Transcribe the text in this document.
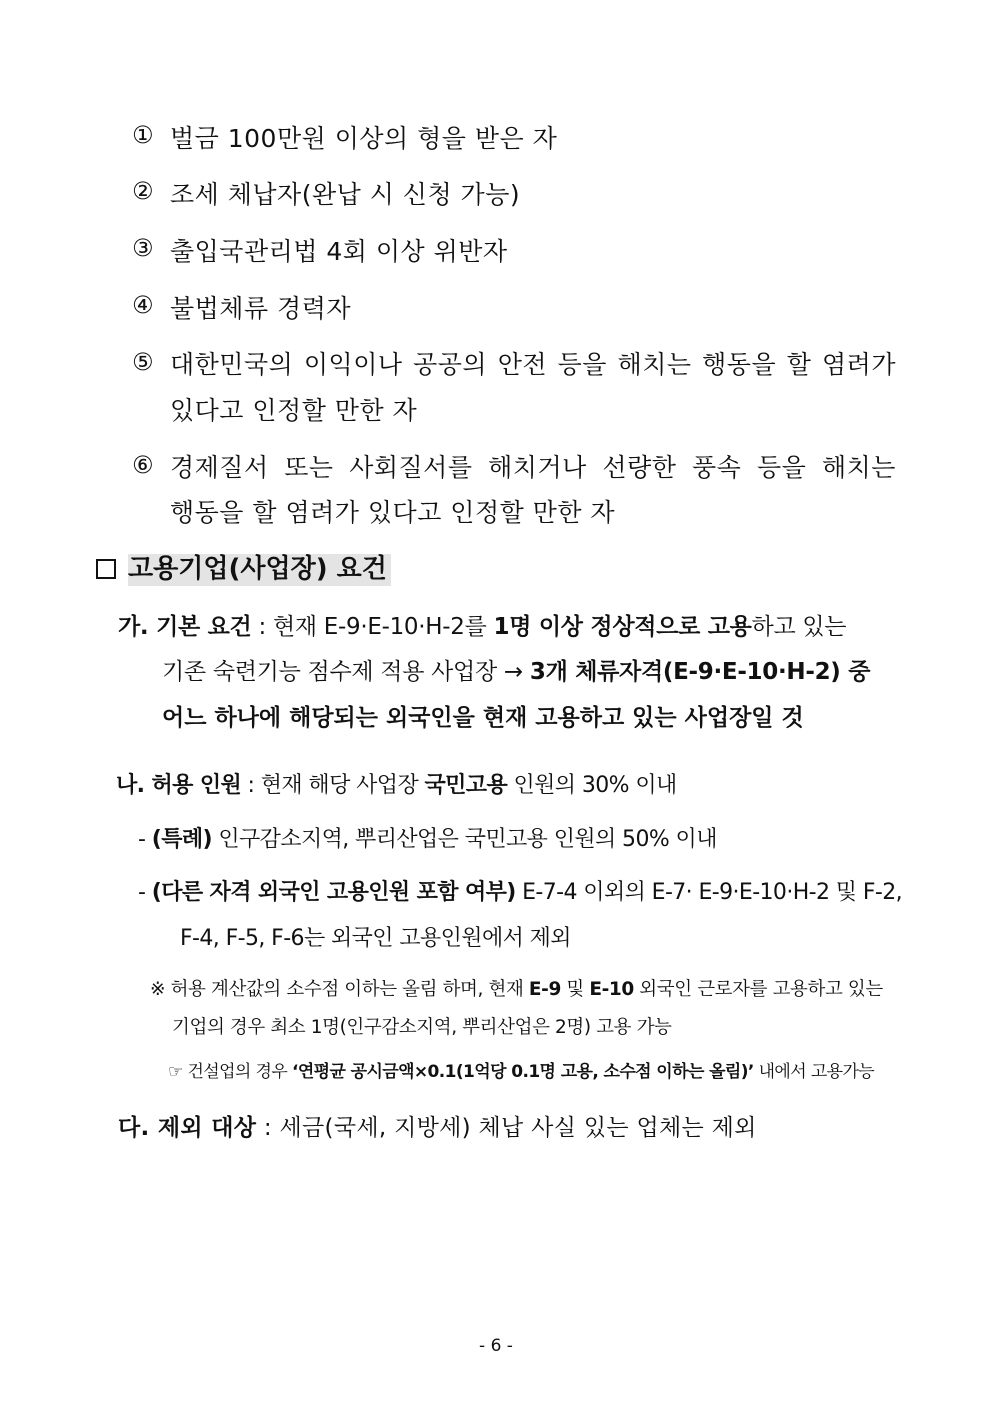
① 벌금 100만원 이상의 형을 받은 자
② 조세 체납자(완납 시 신청 가능)
③ 출입국관리법 4회 이상 위반자
④ 불법체류 경력자
⑤ 대한민국의 이익이나 공공의 안전 등을 해치는 행동을 할 염려가
있다고 인정할 만한 자
⑥ 경제질서 또는 사회질서를 해치거나 선량한 풍속 등을 해치는
행동을 할 염려가 있다고 인정할 만한 자
고용기업(사업장) 요건
가. 기본 요건 : 현재 E-9·E-10·H-2를 1명 이상 정상적으로 고용하고 있는
기존 숙련기능 점수제 적용 사업장 → 3개 체류자격(E-9·E-10·H-2) 중
어느 하나에 해당되는 외국인을 현재 고용하고 있는 사업장일 것
나. 허용 인원 : 현재 해당 사업장 국민고용 인원의 30% 이내
- (특례) 인구감소지역, 뿌리산업은 국민고용 인원의 50% 이내
- (다른 자격 외국인 고용인원 포함 여부) E-7-4 이외의 E-7· E-9·E-10·H-2 및 F-2,
F-4, F-5, F-6는 외국인 고용인원에서 제외
※ 허용 계산값의 소수점 이하는 올림 하며, 현재 E-9 및 E-10 외국인 근로자를 고용하고 있는
기업의 경우 최소 1명(인구감소지역, 뿌리산업은 2명) 고용 가능
☞ 건설업의 경우 ‘연평균 공시금액×0.1(1억당 0.1명 고용, 소수점 이하는 올림)’ 내에서 고용가능
다. 제외 대상 : 세금(국세, 지방세) 체납 사실 있는 업체는 제외
- 6 -
